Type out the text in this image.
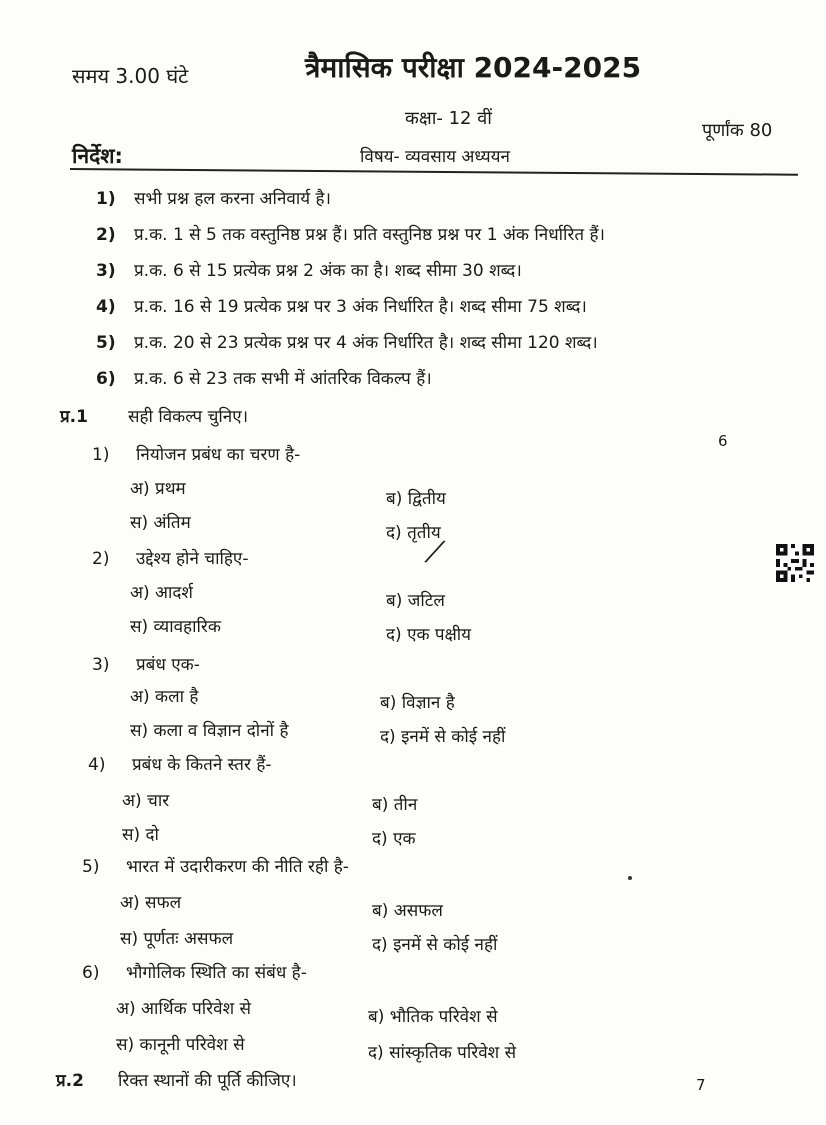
समय 3.00 घंटे	त्रैमासिक परीक्षा 2024-2025
कक्षा- 12 वीं
पूर्णांक 80
निर्देश:	विषय- व्यवसाय अध्ययन
1) सभी प्रश्न हल करना अनिवार्य है।
2) प्र.क. 1 से 5 तक वस्तुनिष्ठ प्रश्न हैं। प्रति वस्तुनिष्ठ प्रश्न पर 1 अंक निर्धारित हैं।
3) प्र.क. 6 से 15 प्रत्येक प्रश्न 2 अंक का है। शब्द सीमा 30 शब्द।
4) प्र.क. 16 से 19 प्रत्येक प्रश्न पर 3 अंक निर्धारित है। शब्द सीमा 75 शब्द।
5) प्र.क. 20 से 23 प्रत्येक प्रश्न पर 4 अंक निर्धारित है। शब्द सीमा 120 शब्द।
6) प्र.क. 6 से 23 तक सभी में आंतरिक विकल्प हैं।
प्र.1 सही विकल्प चुनिए।
6
1) नियोजन प्रबंध का चरण है-
अ) प्रथम	ब) द्वितीय
स) अंतिम	द) तृतीय
2) उद्देश्य होने चाहिए-
अ) आदर्श	ब) जटिल
स) व्यावहारिक	द) एक पक्षीय
3) प्रबंध एक-
अ) कला है	ब) विज्ञान है
स) कला व विज्ञान दोनों है	द) इनमें से कोई नहीं
4) प्रबंध के कितने स्तर हैं-
अ) चार	ब) तीन
स) दो	द) एक
5) भारत में उदारीकरण की नीति रही है-
अ) सफल	ब) असफल
स) पूर्णतः असफल	द) इनमें से कोई नहीं
6) भौगोलिक स्थिति का संबंध है-
अ) आर्थिक परिवेश से	ब) भौतिक परिवेश से
स) कानूनी परिवेश से	द) सांस्कृतिक परिवेश से
प्र.2 रिक्त स्थानों की पूर्ति कीजिए।	7
╱
